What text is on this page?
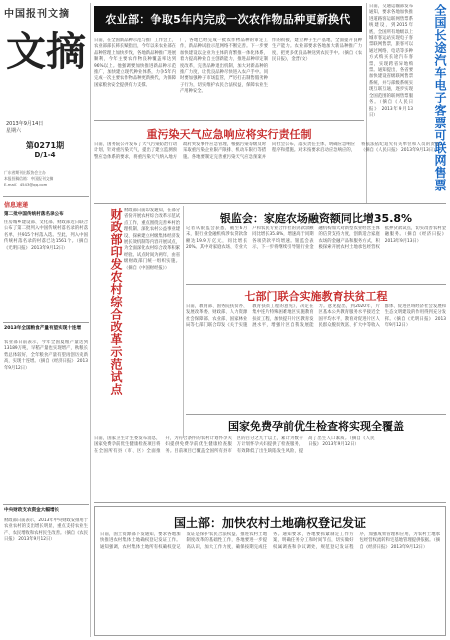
中国报刊文摘
文摘
2013年9月14日
星期六
第0271期
D/1-4
广东省期刊出版协会主办
本报投稿信箱：中国报刊文摘
E-mail：4543@qq.com
信息速递
第二批中国传统村落名录公布
住房城乡建设部、文化部、财政部近日联合公布了第二批列入中国传统村落名录的村落名单，共915个村落入选。至此，列入中国传统村落名录的村落已达1561个。（摘自《光明日报》 2013年9月12日）
2013年全国粮食产量有望实现十连增
农业部日前表示，今年全国夏粮产量达到13189万吨，早稻产量也实现增产，秋粮长势总体较好，全年粮食产量有望再创历史新高，实现十连增。（摘自《经济日报》 2013年9月12日）
中央财政支农资金大幅增长
财政部日前表示，2013年中央财政安排用于农业农村的支出增长明显，重点支持农业生产、农民增收和农村民生改善。（摘自《农民日报》 2013年9月12日）
农业部：争取5年内完成一次农作物品种更新换代
日前，在全国新品种示范与推广工作会上，农业部部长韩长赋指出，今年以来农业部在品种管理上加快步伐，各地新品种推广进展顺利，今年主要农作物良种覆盖率达到96%以上。他强调要加快推进新品种示范推广，加快建立现代种业体系，力争5年内完成一次主要农作物品种更新换代，为保障国家粮食安全提供有力支撑。
广，各地已经完成一批农作物品种的审定工作，新品种试验示范网络不断完善。下一步要加快建设以企业为主体的育繁推一体化体系，着力提高种业自主创新能力，推进品种审定制度改革，完善品种退出机制，加大对新品种的推广力度，让优良品种尽快进入农户手中。同时要加强种子市场监管，严厉打击制售假劣种子行为，切实维护农民合法权益，保障农业生产用种安全。
作的衔接，建立种子生产基地，全面提升良种生产能力。农业部要求各地加大新品种推广力度，把更多优良品种送到农民手中。（摘自《农民日报》，金晋/文）
日前，交通运输部发布通知，要求各地加快推进道路客运联网售票系统建设，到2015年底，全国所有地级以上城市客运站实现电子客票联网售票，旅客可以通过网络、电话等多种方式购买长途汽车客票，实现跨省异地购票。通知提出，各省要加快建设省级联网售票系统，并与部级系统实现互联互通，逐步实现全国范围的联网售票服务。（摘自《人民日报》 2013年9月13日）	全国长途汽车电子客票可联网售票
重污染天气应急响应将实行责任制
日前，国务院公开发布了大气污染防治行动计划，针对重污染天气，提出了建立监测预警应急体系的要求，将重污染天气纳入地方政府突发事件应急管理，根据污染等级及时采取重污染企业限产限排、机动车限行等措施。各地要制定完善重污染天气应急预案并向社会公布，落实责任主体，明确应急响应程序和措施。对未按要求启动应急响应的，将依法依纪追究有关单位和人员的责任。（摘自《人民日报》 2013年9月13日）
财政部印发农村综合改革示范试点 财政部日前印发通知，在部分省份开展农村综合改革示范试点工作，重点围绕完善乡村治理机制、深化农村公益事业建设、探索建立村级集体经济发展长效机制等内容开展试点，为全面深化农村综合改革积累经验。试点时间为两年，由省级财政部门统一组织实施。（摘自《中国财经报》）
银监会：家庭农场融资额同比增35.8%
记者从银监会获悉，截至6月末，银行业金融机构涉农贷款余额达19.9万亿元，同比增长20%。其中对家庭农场、专业大户和农民专业合作社的贷款余额同比增长35.8%，增速高于同期各项贷款平均增速。银监会表示，下一步将继续引导银行业金融机构加大对新型农业经营主体的信贷支持力度，创新适合家庭农场的金融产品和服务方式，积极探索开展农村土地承包经营权抵押贷款试点，切实改善农村金融服务。（摘自《经济日报》 2013年9月13日）
七部门联合实施教育扶贫工程
日前，教育部、国务院扶贫办、发展改革委、财政部、人力资源社会保障部、农业部、国家林业局等七部门联合印发《关于实施教育扶贫工程的意见》，决定在集中连片特殊困难地区实施教育扶贫工程，加快提升片区教育发展水平，增强片区自我发展能力。意见提出，到2020年，片区基本公共教育服务水平接近全国平均水平，教育对促进片区人民群众脱贫致富、扩大中等收入群体、促进区域经济社会发展和生态文明建设的作用得到充分发挥。（摘自《光明日报》 2013年9月12日）
国家免费孕前优生检查将实现全覆盖
日前，国家卫生计生委发布消息，国家免费孕前优生健康检查项目将在全国所有县（市、区）全面推开，为符合条件的农村计划怀孕夫妇提供免费孕前优生健康检查服务。目前项目已覆盖全国所有县市区的百分之九十以上，累计为数千万计划怀孕夫妇提供了检查服务，有效降低了出生缺陷发生风险，提高了出生人口素质。（摘自《人民日报》 2013年9月12日）
国土部：加快农村土地确权登记发证
日前，国土资源部下发通知，要求各地加快推进农村集体土地确权登记发证工作。通知强调，农村集体土地所有权确权登记发证是保护农民合法权益、推进农村土地制度改革的基础性工作，各地要进一步提高认识，加大工作力度，确保按期完成任务。通知要求，各地要抓紧制定工作方案，明确任务分工和时间节点，切实做好权属调查和争议调处，规范登记发证程序，加强成果管理和应用，为农村土地承包经营权流转和宅基地管理提供依据。（摘自《经济日报》 2013年9月12日）
